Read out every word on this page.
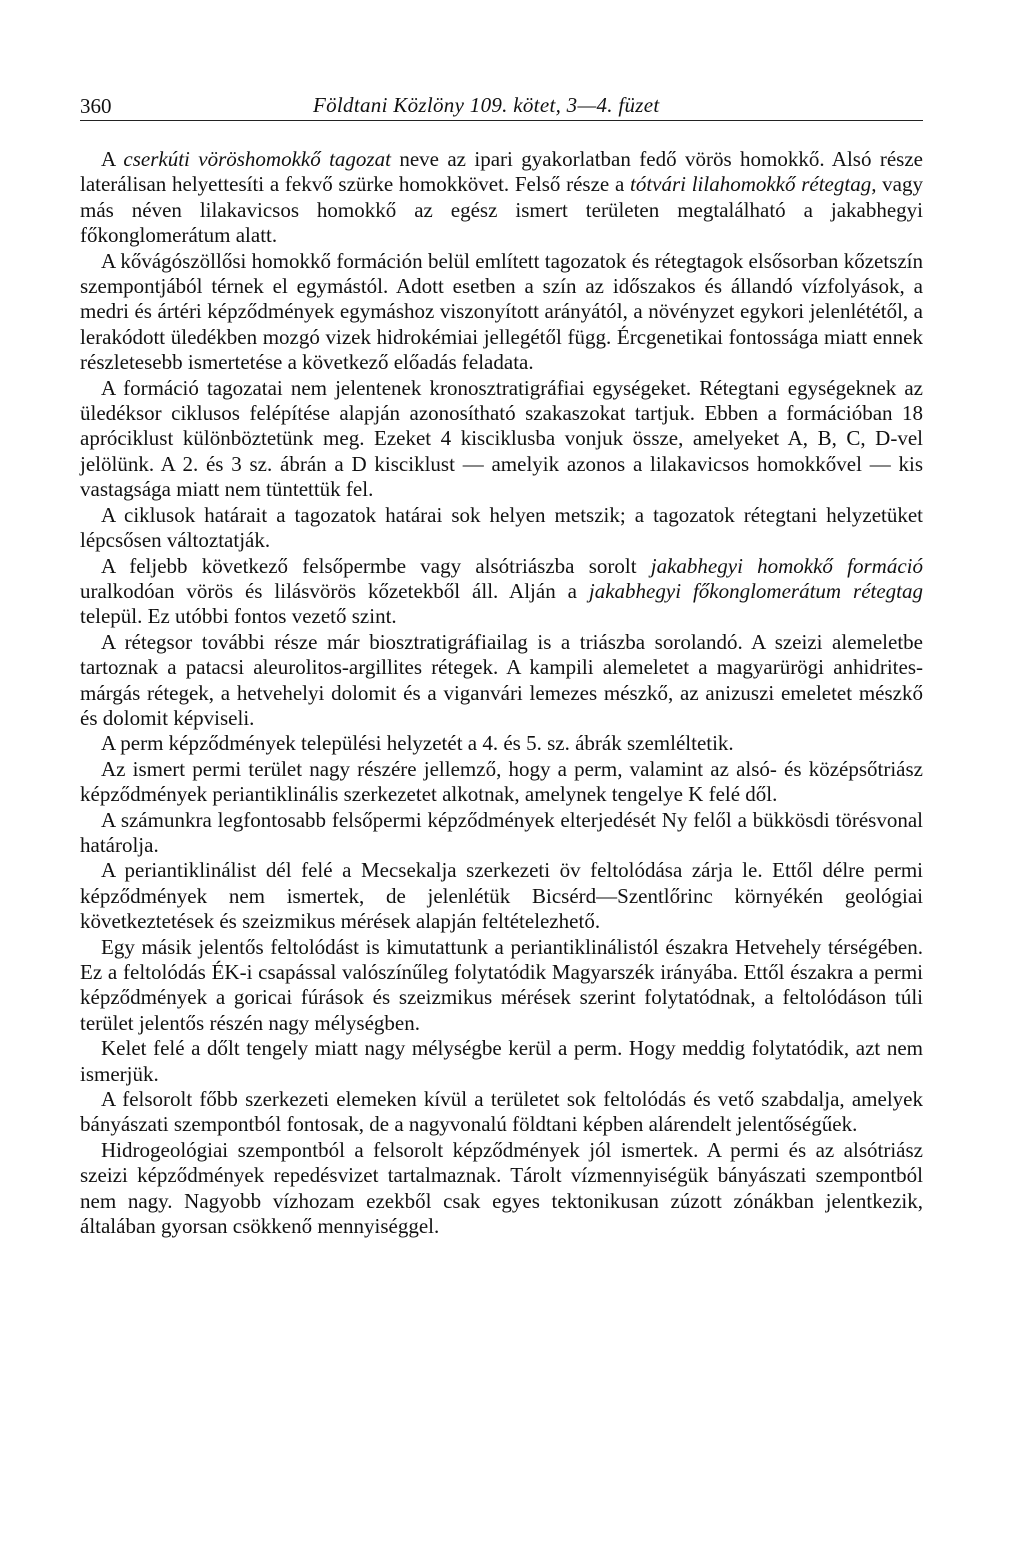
360	Földtani Közlöny 109. kötet, 3—4. füzet

A cserkúti vöröshomokkő tagozat neve az ipari gyakorlatban fedő vörös homokkő. Alsó része laterálisan helyettesíti a fekvő szürke homokkövet. Felső része a tótvári lilahomokkő rétegtag, vagy más néven lilakavicsos homokkő az egész ismert területen megtalálható a jakabhegyi főkonglomerátum alatt.

A kővágószöllősi homokkő formáción belül említett tagozatok és rétegtagok elsősorban kőzetszín szempontjából térnek el egymástól. Adott esetben a szín az időszakos és állandó vízfolyások, a medri és ártéri képződmények egymáshoz viszonyított arányától, a növényzet egykori jelenlététől, a lerakódott üledékben mozgó vizek hidrokémiai jellegétől függ. Ércgenetikai fontossága miatt ennek részletesebb ismertetése a következő előadás feladata.

A formáció tagozatai nem jelentenek kronosztratigráfiai egységeket. Rétegtani egységeknek az üledéksor ciklusos felépítése alapján azonosítható szakaszokat tartjuk. Ebben a formációban 18 apróciklust különböztetünk meg. Ezeket 4 kisciklusba vonjuk össze, amelyeket A, B, C, D-vel jelölünk. A 2. és 3 sz. ábrán a D kisciklust — amelyik azonos a lilakavicsos homokkővel — kis vastagsága miatt nem tüntettük fel.

A ciklusok határait a tagozatok határai sok helyen metszik; a tagozatok rétegtani helyzetüket lépcsősen változtatják.

A feljebb következő felsőpermbe vagy alsótriászba sorolt jakabhegyi homokkő formáció uralkodóan vörös és lilásvörös kőzetekből áll. Alján a jakabhegyi főkonglomerátum rétegtag települ. Ez utóbbi fontos vezető szint.

A rétegsor további része már biosztratigráfiailag is a triászba sorolandó. A szeizi alemeletbe tartoznak a patacsi aleurolitos-argillites rétegek. A kampili alemeletet a magyarürögi anhidrites-márgás rétegek, a hetvehelyi dolomit és a viganvári lemezes mészkő, az anizuszi emeletet mészkő és dolomit képviseli.

A perm képződmények települési helyzetét a 4. és 5. sz. ábrák szemléltetik.

Az ismert permi terület nagy részére jellemző, hogy a perm, valamint az alsó- és középsőtriász képződmények periantiklinális szerkezetet alkotnak, amelynek tengelye K felé dől.

A számunkra legfontosabb felsőpermi képződmények elterjedését Ny felől a bükkösdi törésvonal határolja.

A periantiklinálist dél felé a Mecsekalja szerkezeti öv feltolódása zárja le. Ettől délre permi képződmények nem ismertek, de jelenlétük Bicsérd—Szentlőrinc környékén geológiai következtetések és szeizmikus mérések alapján feltételezhető.

Egy másik jelentős feltolódást is kimutattunk a periantiklinálistól északra Hetvehely térségében. Ez a feltolódás ÉK-i csapással valószínűleg folytatódik Magyarszék irányába. Ettől északra a permi képződmények a goricai fúrások és szeizmikus mérések szerint folytatódnak, a feltolódáson túli terület jelentős részén nagy mélységben.

Kelet felé a dőlt tengely miatt nagy mélységbe kerül a perm. Hogy meddig folytatódik, azt nem ismerjük.

A felsorolt főbb szerkezeti elemeken kívül a területet sok feltolódás és vető szabdalja, amelyek bányászati szempontból fontosak, de a nagyvonalú földtani képben alárendelt jelentőségűek.

Hidrogeológiai szempontból a felsorolt képződmények jól ismertek. A permi és az alsótriász szeizi képződmények repedésvizet tartalmaznak. Tárolt vízmennyiségük bányászati szempontból nem nagy. Nagyobb vízhozam ezekből csak egyes tektonikusan zúzott zónákban jelentkezik, általában gyorsan csökkenő mennyiséggel.
